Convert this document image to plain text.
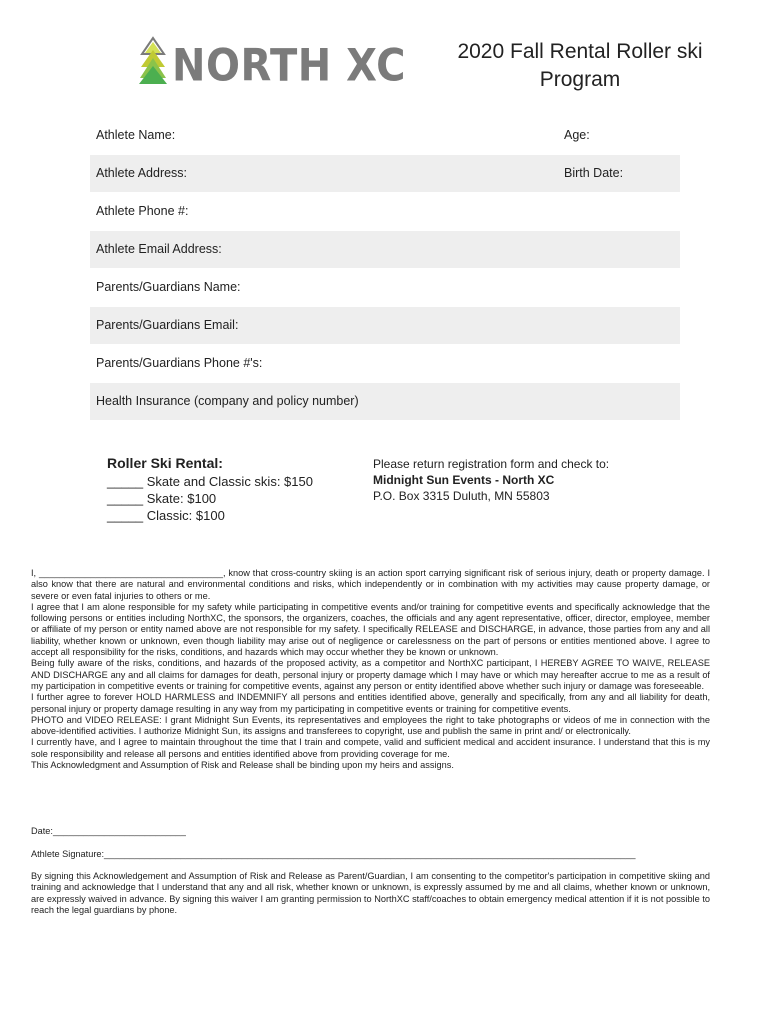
NORTH XC	2020 Fall Rental Roller ski
Program
Athlete Name:	Age:
Athlete Address:	Birth Date:
Athlete Phone #:
Athlete Email Address:
Parents/Guardians Name:
Parents/Guardians Email:
Parents/Guardians Phone #'s:
Health Insurance (company and policy number)
Roller Ski Rental:
_____ Skate and Classic skis: $150
_____ Skate: $100
_____ Classic: $100
Please return registration form and check to:
Midnight Sun Events - North XC
P.O. Box 3315 Duluth, MN 55803

I, ____________________________________, know that cross-country skiing is an action sport carrying significant risk of serious injury, death or property damage. I also know that there are natural and environmental conditions and risks, which independently or in combination with my activities may cause property damage, or severe or even fatal injuries to others or me.

I agree that I am alone responsible for my safety while participating in competitive events and/or training for competitive events and specifically acknowledge that the following persons or entities including NorthXC, the sponsors, the organizers, coaches, the officials and any agent representative, officer, director, employee, member or affiliate of my person or entity named above are not responsible for my safety. I specifically RELEASE and DISCHARGE, in advance, those parties from any and all liability, whether known or unknown, even though liability may arise out of negligence or carelessness on the part of persons or entities mentioned above. I agree to accept all responsibility for the risks, conditions, and hazards which may occur whether they be known or unknown.

Being fully aware of the risks, conditions, and hazards of the proposed activity, as a competitor and NorthXC participant, I HEREBY AGREE TO WAIVE, RELEASE AND DISCHARGE any and all claims for damages for death, personal injury or property damage which I may have or which may hereafter accrue to me as a result of my participation in competitive events or training for competitive events, against any person or entity identified above whether such injury or damage was foreseeable.

I further agree to forever HOLD HARMLESS and INDEMNIFY all persons and entities identified above, generally and specifically, from any and all liability for death, personal injury or property damage resulting in any way from my participating in competitive events or training for competitive events.

PHOTO and VIDEO RELEASE: I grant Midnight Sun Events, its representatives and employees the right to take photographs or videos of me in connection with the above-identified activities. I authorize Midnight Sun, its assigns and transferees to copyright, use and publish the same in print and/ or electronically.

I currently have, and I agree to maintain throughout the time that I train and compete, valid and sufficient medical and accident insurance. I understand that this is my sole responsibility and release all persons and entities identified above from providing coverage for me.

This Acknowledgment and Assumption of Risk and Release shall be binding upon my heirs and assigns.

Date:__________________________
Athlete Signature:________________________________________________________________________________________________________
By signing this Acknowledgement and Assumption of Risk and Release as Parent/Guardian, I am consenting to the competitor's participation in competitive skiing and training and acknowledge that I understand that any and all risk, whether known or unknown, is expressly assumed by me and all claims, whether known or unknown, are expressly waived in advance. By signing this waiver I am granting permission to NorthXC staff/coaches to obtain emergency medical attention if it is not possible to reach the legal guardians by phone.
